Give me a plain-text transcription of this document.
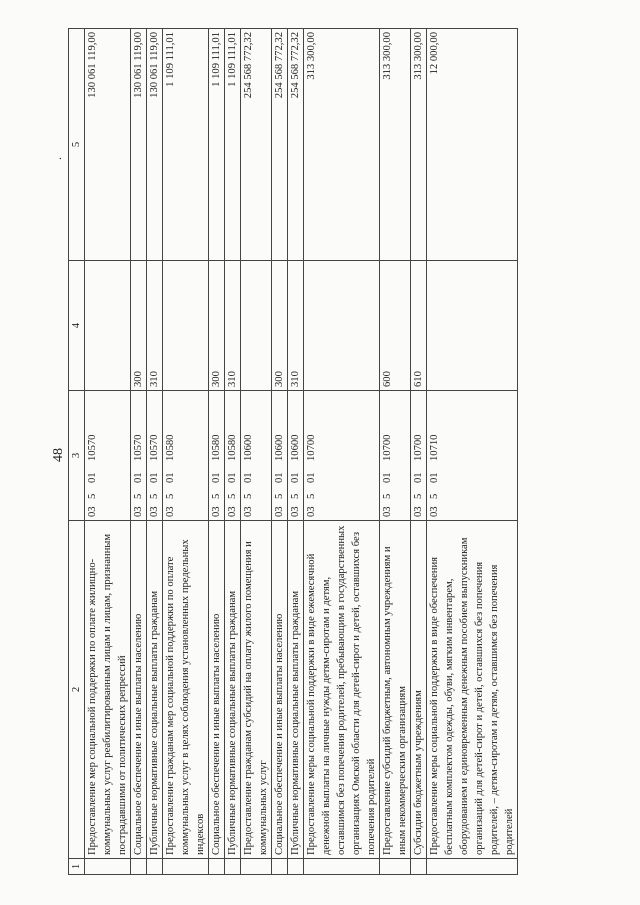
48
.
1	2	3	4	5
	Предоставление мер социальной поддержки по оплате жилищно-коммунальных услуг реабилитированным лицам и лицам, признанным пострадавшими от политических репрессий	0350110570		130 061 119,00
	Социальное обеспечение и иные выплаты населению	0350110570	300	130 061 119,00
	Публичные нормативные социальные выплаты гражданам	0350110570	310	130 061 119,00
	Предоставление гражданам мер социальной поддержки по оплате коммунальных услуг в целях соблюдения установленных предельных индексов	0350110580		1 109 111,01
	Социальное обеспечение и иные выплаты населению	0350110580	300	1 109 111,01
	Публичные нормативные социальные выплаты гражданам	0350110580	310	1 109 111,01
	Предоставление гражданам субсидий на оплату жилого помещения и коммунальных услуг	0350110600		254 568 772,32
	Социальное обеспечение и иные выплаты населению	0350110600	300	254 568 772,32
	Публичные нормативные социальные выплаты гражданам	0350110600	310	254 568 772,32
	Предоставление меры социальной поддержки в виде ежемесячной денежной выплаты на личные нужды детям-сиротам и детям, оставшимся без попечения родителей, пребывающим в государственных организациях Омской области для детей-сирот и детей, оставшихся без попечения родителей	0350110700		313 300,00
	Предоставление субсидий бюджетным, автономным учреждениям и иным некоммерческим организациям	0350110700	600	313 300,00
	Субсидии бюджетным учреждениям	0350110700	610	313 300,00
	Предоставление меры социальной поддержки в виде обеспечения бесплатным комплектом одежды, обуви, мягким инвентарем, оборудованием и единовременным денежным пособием выпускникам организаций для детей-сирот и детей, оставшихся без попечения родителей, – детям-сиротам и детям, оставшимся без попечения родителей	0350110710		12 000,00
